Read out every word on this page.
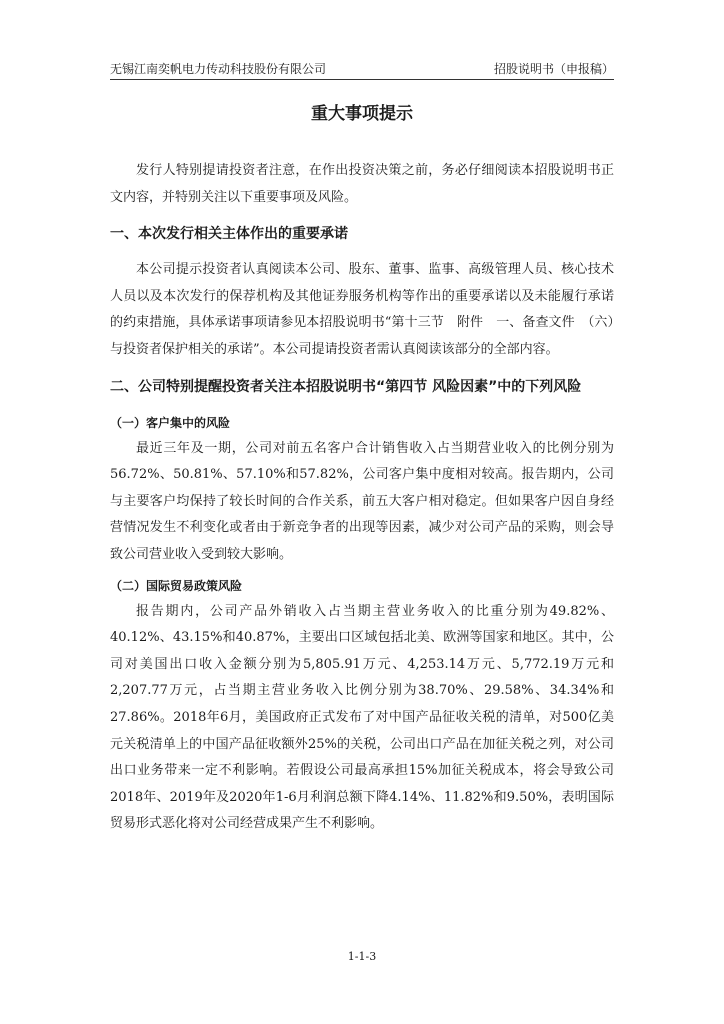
无锡江南奕帆电力传动科技股份有限公司	招股说明书（申报稿）
重大事项提示

发行人特别提请投资者注意，在作出投资决策之前，务必仔细阅读本招股说明书正文内容，并特别关注以下重要事项及风险。

一、本次发行相关主体作出的重要承诺

本公司提示投资者认真阅读本公司、股东、董事、监事、高级管理人员、核心技术人员以及本次发行的保荐机构及其他证券服务机构等作出的重要承诺以及未能履行承诺的约束措施，具体承诺事项请参见本招股说明书“第十三节　附件　一、备查文件　（六）与投资者保护相关的承诺”。本公司提请投资者需认真阅读该部分的全部内容。

二、公司特别提醒投资者关注本招股说明书“第四节 风险因素”中的下列风险
（一）客户集中的风险

最近三年及一期，公司对前五名客户合计销售收入占当期营业收入的比例分别为56.72%、50.81%、57.10%和57.82%，公司客户集中度相对较高。报告期内，公司与主要客户均保持了较长时间的合作关系，前五大客户相对稳定。但如果客户因自身经营情况发生不利变化或者由于新竞争者的出现等因素，减少对公司产品的采购，则会导致公司营业收入受到较大影响。

（二）国际贸易政策风险

报告期内，公司产品外销收入占当期主营业务收入的比重分别为49.82%、40.12%、43.15%和40.87%，主要出口区域包括北美、欧洲等国家和地区。其中，公司对美国出口收入金额分别为5,805.91万元、4,253.14万元、5,772.19万元和2,207.77万元，占当期主营业务收入比例分别为38.70%、29.58%、34.34%和27.86%。2018年6月，美国政府正式发布了对中国产品征收关税的清单，对500亿美元关税清单上的中国产品征收额外25%的关税，公司出口产品在加征关税之列，对公司出口业务带来一定不利影响。若假设公司最高承担15%加征关税成本，将会导致公司2018年、2019年及2020年1-6月利润总额下降4.14%、11.82%和9.50%，表明国际贸易形式恶化将对公司经营成果产生不利影响。

1-1-3
